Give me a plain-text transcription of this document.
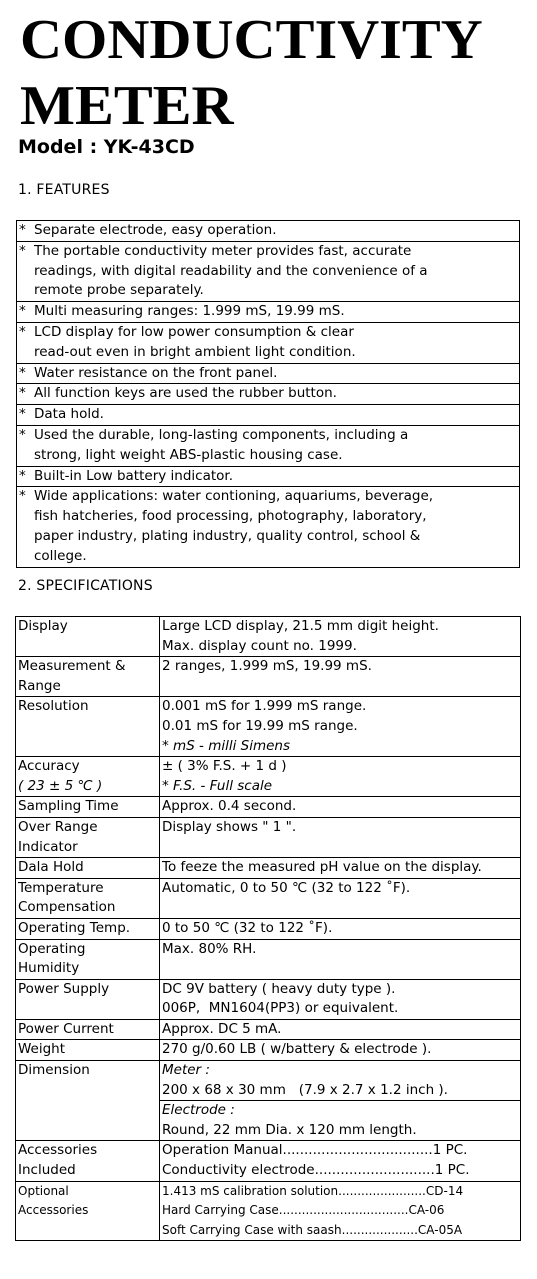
CONDUCTIVITY
METER
Model : YK-43CD
1. FEATURES
* Separate electrode, easy operation.
* The portable conductivity meter provides fast, accurate
readings, with digital readability and the convenience of a
remote probe separately.
* Multi measuring ranges: 1.999 mS, 19.99 mS.
* LCD display for low power consumption & clear
read-out even in bright ambient light condition.
* Water resistance on the front panel.
* All function keys are used the rubber button.
* Data hold.
* Used the durable, long-lasting components, including a
strong, light weight ABS-plastic housing case.
* Built-in Low battery indicator.
* Wide applications: water contioning, aquariums, beverage,
fish hatcheries, food processing, photography, laboratory,
paper industry, plating industry, quality control, school &
college.
2. SPECIFICATIONS
Display	Large LCD display, 21.5 mm digit height.
Max. display count no. 1999.

Measurement &
Range	2 ranges, 1.999 mS, 19.99 mS.

Resolution	0.001 mS for 1.999 mS range.
0.01 mS for 19.99 mS range.
* mS - milli Simens

Accuracy
( 23 ± 5 ℃ )	± ( 3% F.S. + 1 d )
* F.S. - Full scale

Sampling Time	Approx. 0.4 second.

Over Range
Indicator	Display shows " 1 ".

Dala Hold	To feeze the measured pH value on the display.

Temperature
Compensation	Automatic, 0 to 50 ℃ (32 to 122 ˚F).

Operating Temp.	0 to 50 ℃ (32 to 122 ˚F).

Operating
Humidity	Max. 80% RH.

Power Supply	DC 9V battery ( heavy duty type ).
006P,  MN1604(PP3) or equivalent.

Power Current	Approx. DC 5 mA.

Weight	270 g/0.60 LB ( w/battery & electrode ).

Dimension	Meter :
200 x 68 x 30 mm   (7.9 x 2.7 x 1.2 inch ).
Electrode :
Round, 22 mm Dia. x 120 mm length.

Accessories
Included	Operation Manual...................................1 PC.
Conductivity electrode............................1 PC.

Optional
Accessories	1.413 mS calibration solution.......................CD-14
Hard Carrying Case..................................CA-06
Soft Carrying Case with saash....................CA-05A
